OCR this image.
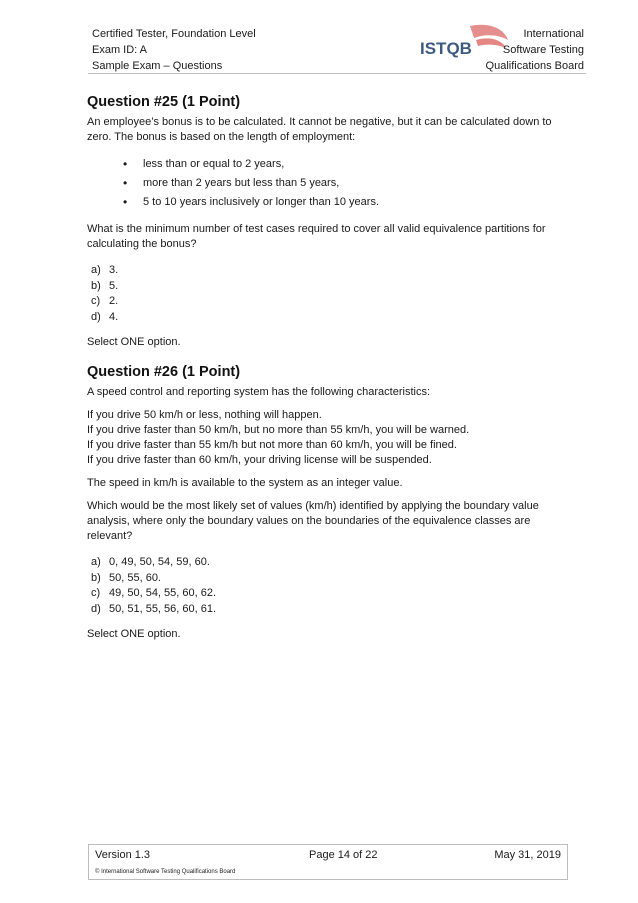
Certified Tester, Foundation Level
Exam ID: A
Sample Exam – Questions
ISTQB
International
Software Testing
Qualifications Board
Question #25 (1 Point)

An employee’s bonus is to be calculated. It cannot be negative, but it can be calculated down to zero. The bonus is based on the length of employment:

• less than or equal to 2 years,
• more than 2 years but less than 5 years,
• 5 to 10 years inclusively or longer than 10 years.

What is the minimum number of test cases required to cover all valid equivalence partitions for calculating the bonus?

a) 3.
b) 5.
c) 2.
d) 4.

Select ONE option.

Question #26 (1 Point)

A speed control and reporting system has the following characteristics:

If you drive 50 km/h or less, nothing will happen.

If you drive faster than 50 km/h, but no more than 55 km/h, you will be warned.

If you drive faster than 55 km/h but not more than 60 km/h, you will be fined.

If you drive faster than 60 km/h, your driving license will be suspended.

The speed in km/h is available to the system as an integer value.

Which would be the most likely set of values (km/h) identified by applying the boundary value analysis, where only the boundary values on the boundaries of the equivalence classes are relevant?

a) 0, 49, 50, 54, 59, 60.
b) 50, 55, 60.
c) 49, 50, 54, 55, 60, 62.
d) 50, 51, 55, 56, 60, 61.

Select ONE option.

Version 1.3	Page 14 of 22	May 31, 2019
© International Software Testing Qualifications Board
